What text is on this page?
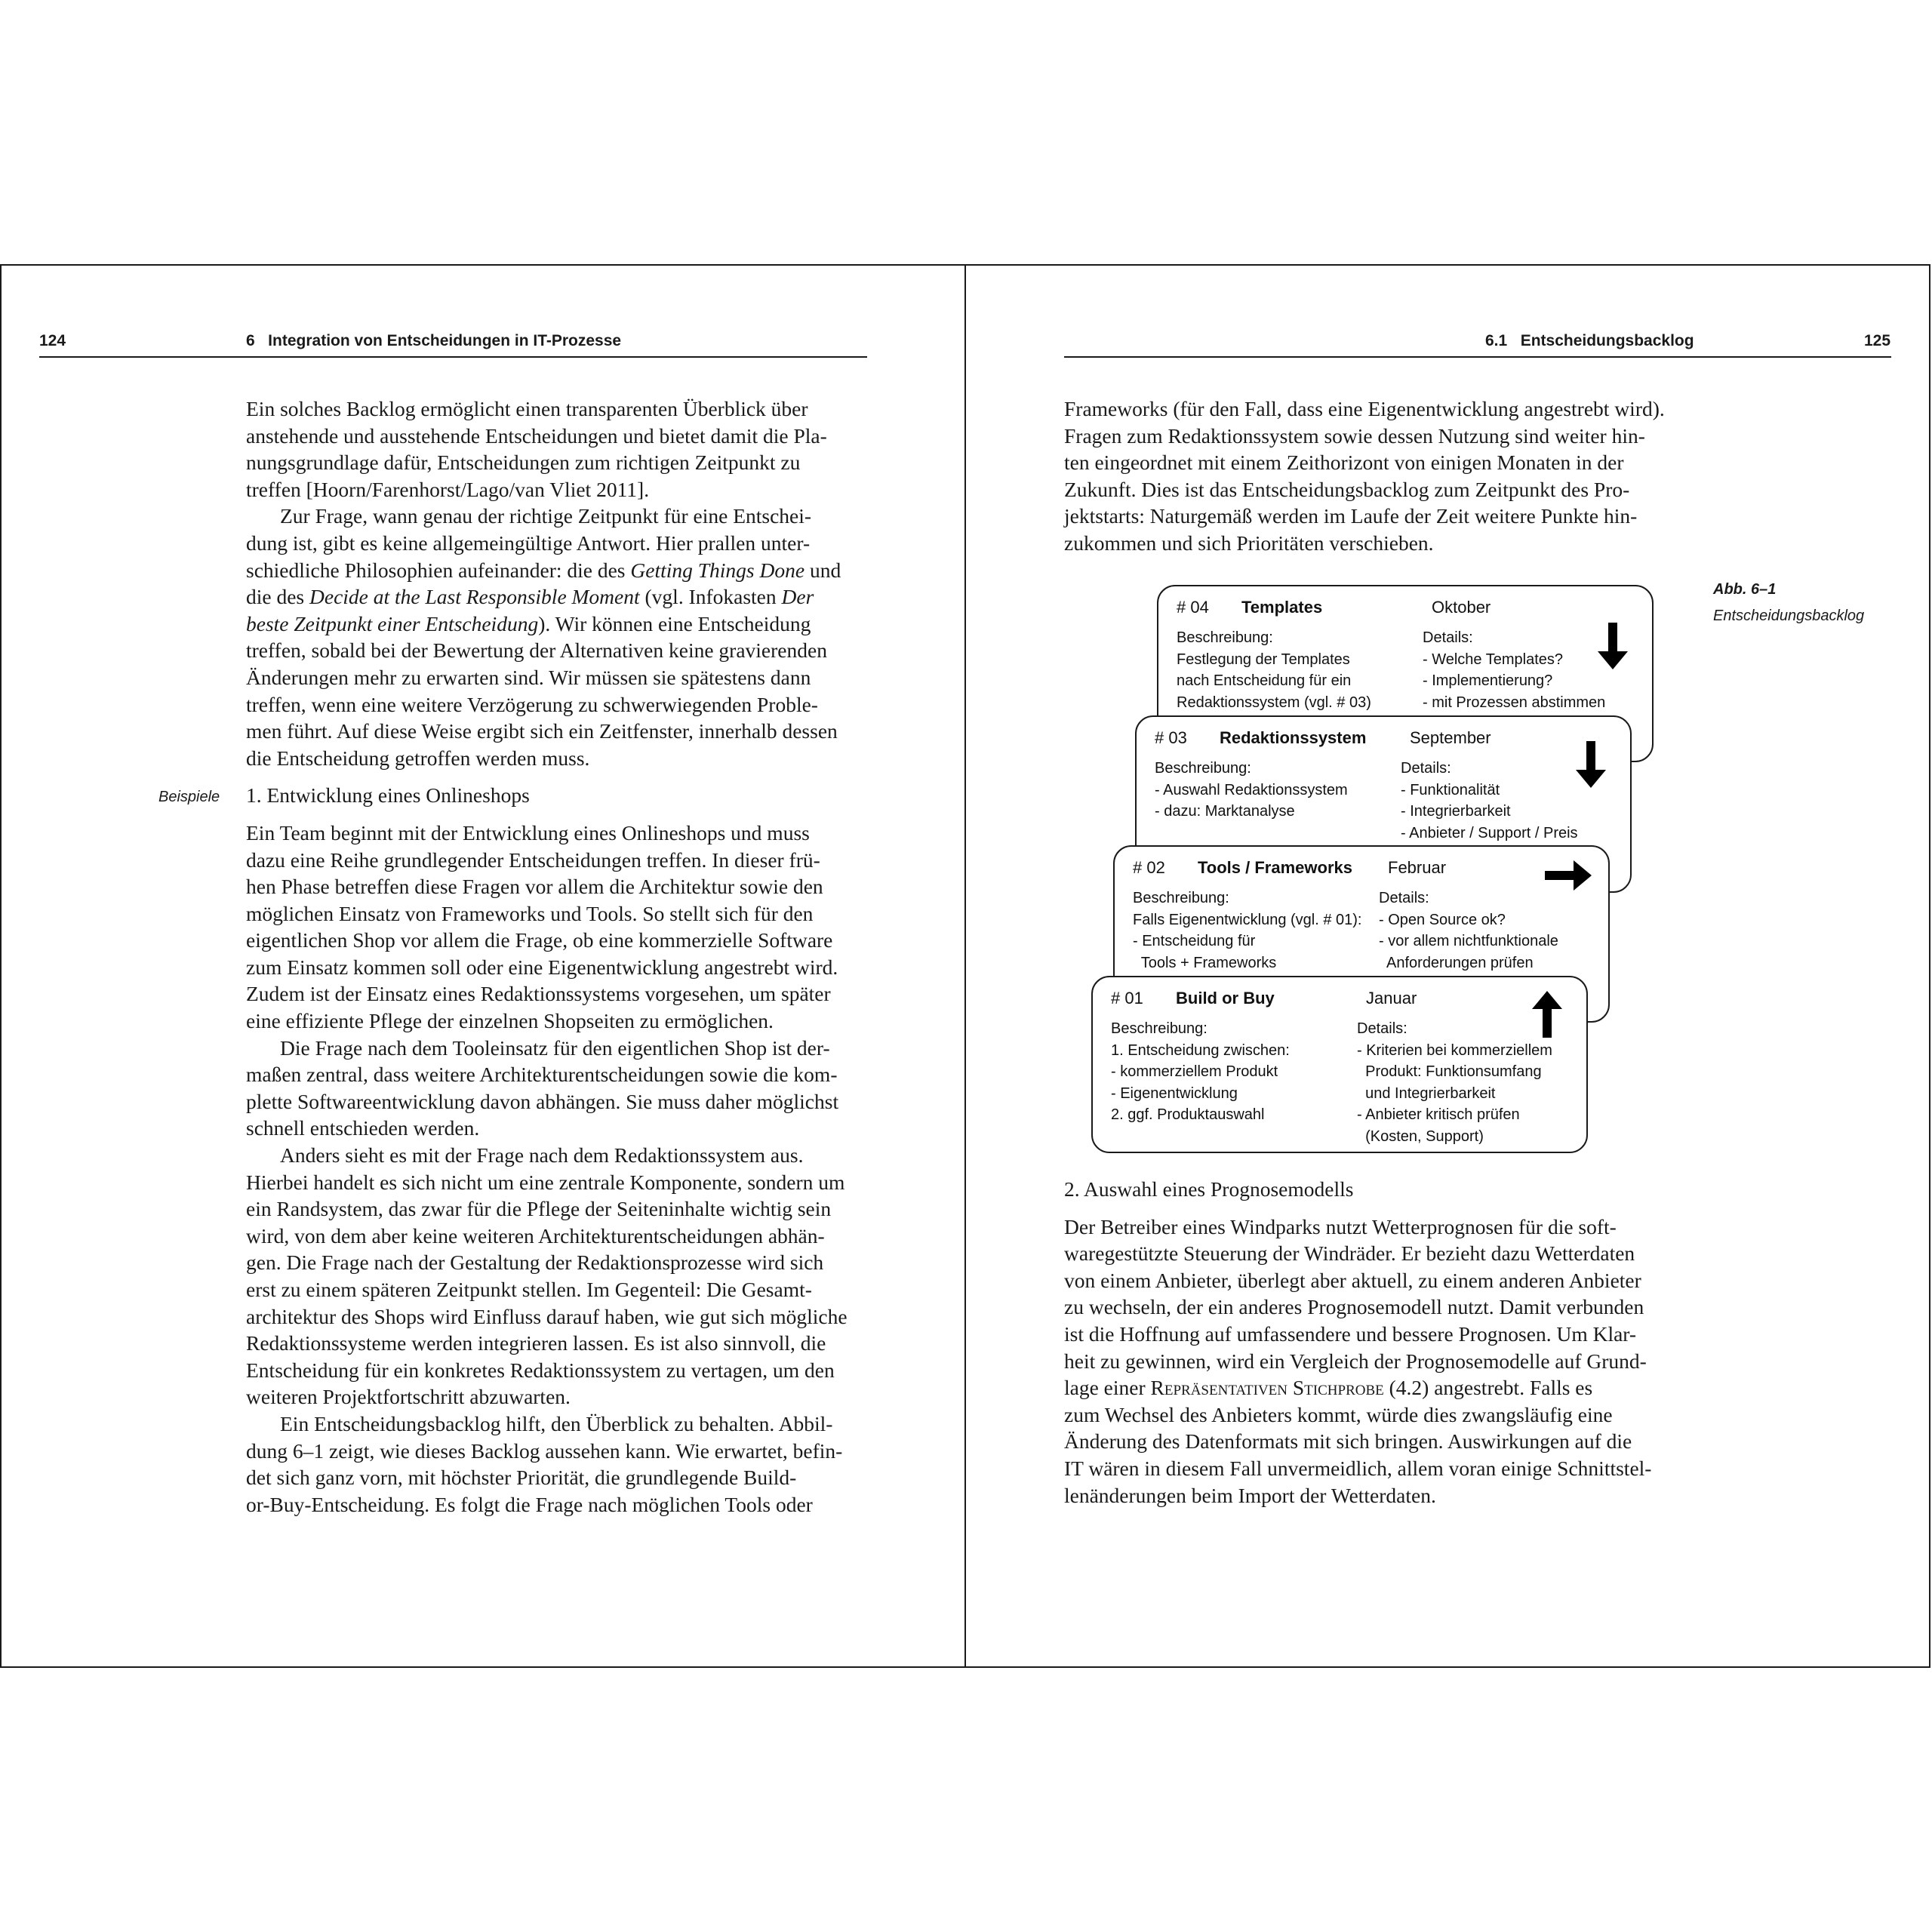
124	6   Integration von Entscheidungen in IT-Prozesse
Beispiele

Ein solches Backlog ermöglicht einen transparenten Überblick über

anstehende und ausstehende Entscheidungen und bietet damit die Pla-

nungsgrundlage dafür, Entscheidungen zum richtigen Zeitpunkt zu

treffen [Hoorn/Farenhorst/Lago/van Vliet 2011].

Zur Frage, wann genau der richtige Zeitpunkt für eine Entschei-

dung ist, gibt es keine allgemeingültige Antwort. Hier prallen unter-

schiedliche Philosophien aufeinander: die des Getting Things Done und

die des Decide at the Last Responsible Moment (vgl. Infokasten Der

beste Zeitpunkt einer Entscheidung). Wir können eine Entscheidung

treffen, sobald bei der Bewertung der Alternativen keine gravierenden

Änderungen mehr zu erwarten sind. Wir müssen sie spätestens dann

treffen, wenn eine weitere Verzögerung zu schwerwiegenden Proble-

men führt. Auf diese Weise ergibt sich ein Zeitfenster, innerhalb dessen

die Entscheidung getroffen werden muss.

1. Entwicklung eines Onlineshops

Ein Team beginnt mit der Entwicklung eines Onlineshops und muss

dazu eine Reihe grundlegender Entscheidungen treffen. In dieser frü-

hen Phase betreffen diese Fragen vor allem die Architektur sowie den

möglichen Einsatz von Frameworks und Tools. So stellt sich für den

eigentlichen Shop vor allem die Frage, ob eine kommerzielle Software

zum Einsatz kommen soll oder eine Eigenentwicklung angestrebt wird.

Zudem ist der Einsatz eines Redaktionssystems vorgesehen, um später

eine effiziente Pflege der einzelnen Shopseiten zu ermöglichen.

Die Frage nach dem Tooleinsatz für den eigentlichen Shop ist der-

maßen zentral, dass weitere Architekturentscheidungen sowie die kom-

plette Softwareentwicklung davon abhängen. Sie muss daher möglichst

schnell entschieden werden.

Anders sieht es mit der Frage nach dem Redaktionssystem aus.

Hierbei handelt es sich nicht um eine zentrale Komponente, sondern um

ein Randsystem, das zwar für die Pflege der Seiteninhalte wichtig sein

wird, von dem aber keine weiteren Architekturentscheidungen abhän-

gen. Die Frage nach der Gestaltung der Redaktionsprozesse wird sich

erst zu einem späteren Zeitpunkt stellen. Im Gegenteil: Die Gesamt-

architektur des Shops wird Einfluss darauf haben, wie gut sich mögliche

Redaktionssysteme werden integrieren lassen. Es ist also sinnvoll, die

Entscheidung für ein konkretes Redaktionssystem zu vertagen, um den

weiteren Projektfortschritt abzuwarten.

Ein Entscheidungsbacklog hilft, den Überblick zu behalten. Abbil-

dung 6–1 zeigt, wie dieses Backlog aussehen kann. Wie erwartet, befin-

det sich ganz vorn, mit höchster Priorität, die grundlegende Build-

or-Buy-Entscheidung. Es folgt die Frage nach möglichen Tools oder

6.1   Entscheidungsbacklog	125
Abb. 6–1
Entscheidungsbacklog

Frameworks (für den Fall, dass eine Eigenentwicklung angestrebt wird).

Fragen zum Redaktionssystem sowie dessen Nutzung sind weiter hin-

ten eingeordnet mit einem Zeithorizont von einigen Monaten in der

Zukunft. Dies ist das Entscheidungsbacklog zum Zeitpunkt des Pro-

jektstarts: Naturgemäß werden im Laufe der Zeit weitere Punkte hin-

zukommen und sich Prioritäten verschieben.

# 04 Templates	Oktober
Beschreibung:
Festlegung der Templates
nach Entscheidung für ein
Redaktionssystem (vgl. # 03)
Details:
- Welche Templates?
- Implementierung?
- mit Prozessen abstimmen
# 03 Redaktionssystem	September
Beschreibung:
- Auswahl Redaktionssystem
- dazu: Marktanalyse
Details:
- Funktionalität
- Integrierbarkeit
- Anbieter / Support / Preis
# 02 Tools / Frameworks Februar
Beschreibung:
Falls Eigenentwicklung (vgl. # 01):
- Entscheidung für
Tools + Frameworks
Details:
- Open Source ok?
- vor allem nichtfunktionale
Anforderungen prüfen
# 01 Build or Buy	Januar
Beschreibung:
1. Entscheidung zwischen:
- kommerziellem Produkt
- Eigenentwicklung
2. ggf. Produktauswahl
Details:
- Kriterien bei kommerziellem
Produkt: Funktionsumfang
und Integrierbarkeit
- Anbieter kritisch prüfen
(Kosten, Support)

2. Auswahl eines Prognosemodells

Der Betreiber eines Windparks nutzt Wetterprognosen für die soft-

waregestützte Steuerung der Windräder. Er bezieht dazu Wetterdaten

von einem Anbieter, überlegt aber aktuell, zu einem anderen Anbieter

zu wechseln, der ein anderes Prognosemodell nutzt. Damit verbunden

ist die Hoffnung auf umfassendere und bessere Prognosen. Um Klar-

heit zu gewinnen, wird ein Vergleich der Prognosemodelle auf Grund-

lage einer Repräsentativen Stichprobe (4.2) angestrebt. Falls es

zum Wechsel des Anbieters kommt, würde dies zwangsläufig eine

Änderung des Datenformats mit sich bringen. Auswirkungen auf die

IT wären in diesem Fall unvermeidlich, allem voran einige Schnittstel-

lenänderungen beim Import der Wetterdaten.
